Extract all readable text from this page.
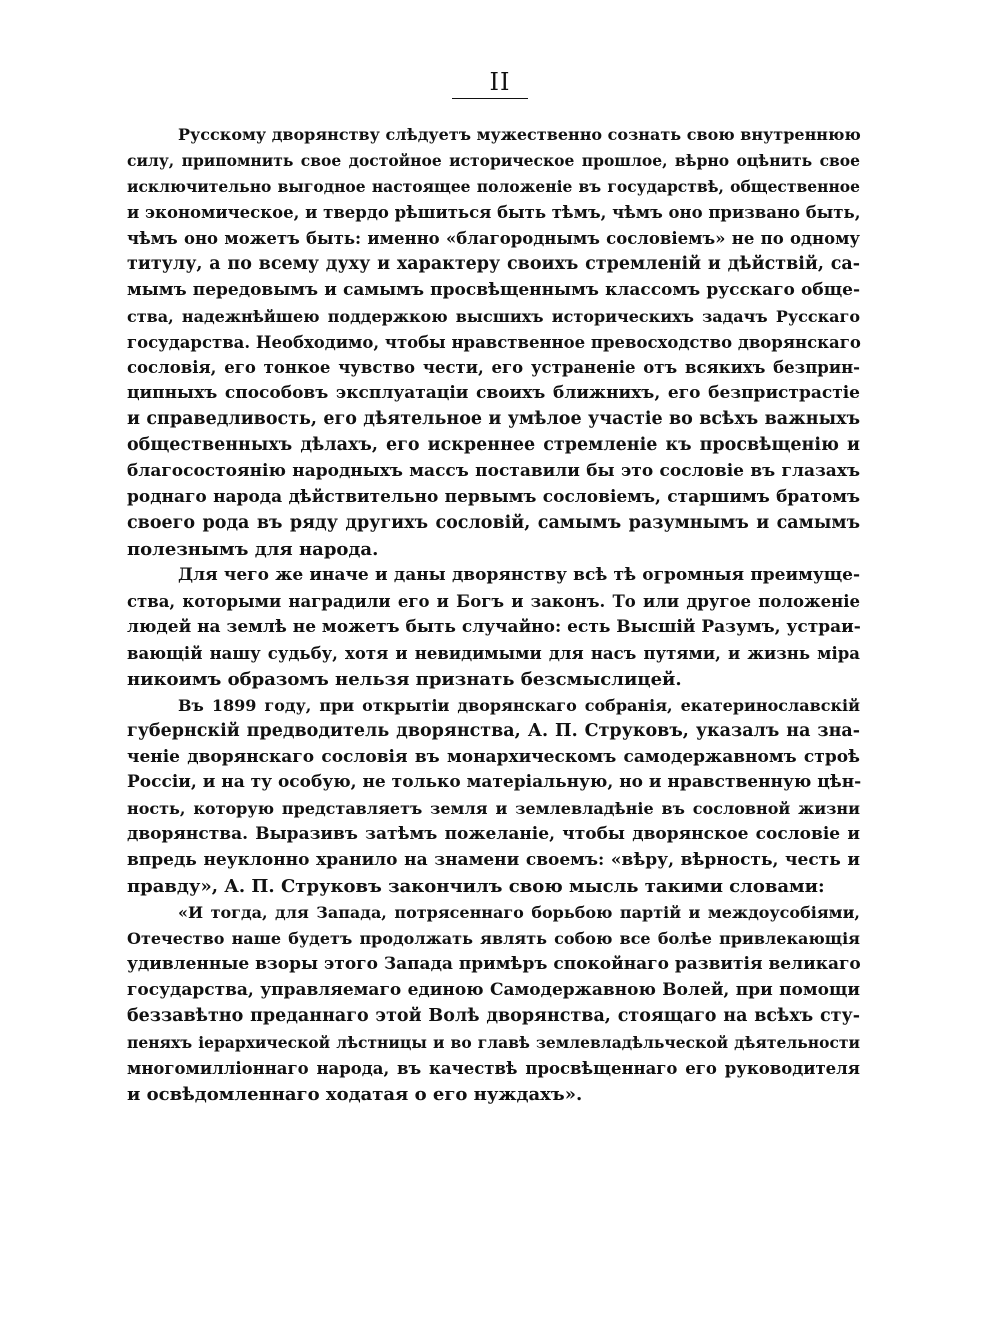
II
Русскому дворянству слѣдуетъ мужественно сознать свою внутреннюю
силу, припомнить свое достойное историческое прошлое, вѣрно оцѣнить свое
исключительно выгодное настоящее положенiе въ государствѣ, общественное
и экономическое, и твердо рѣшиться быть тѣмъ, чѣмъ оно призвано быть,
чѣмъ оно можетъ быть: именно «благороднымъ сословiемъ» не по одному
титулу, а по всему духу и характеру своихъ стремленiй и дѣйствiй, са-
мымъ передовымъ и самымъ просвѣщеннымъ классомъ русскаго обще-
ства, надежнѣйшею поддержкою высшихъ историческихъ задачъ Русскаго
государства. Необходимо, чтобы нравственное превосходство дворянскаго
сословiя, его тонкое чувство чести, его устраненiе отъ всякихъ безприн-
ципныхъ способовъ эксплуатацiи своихъ ближнихъ, его безпристрастiе
и справедливость, его дѣятельное и умѣлое участiе во всѣхъ важныхъ
общественныхъ дѣлахъ, его искреннее стремленiе къ просвѣщенiю и
благосостоянiю народныхъ массъ поставили бы это сословiе въ глазахъ
роднаго народа дѣйствительно первымъ сословiемъ, старшимъ братомъ
своего рода въ ряду другихъ сословiй, самымъ разумнымъ и самымъ
полезнымъ для народа.
Для чего же иначе и даны дворянству всѣ тѣ огромныя преимуще-
ства, которыми наградили его и Богъ и законъ. То или другое положенiе
людей на землѣ не можетъ быть случайно: есть Высшiй Разумъ, устраи-
вающiй нашу судьбу, хотя и невидимыми для насъ путями, и жизнь мiра
никоимъ образомъ нельзя признать безсмыслицей.
Въ 1899 году, при открытiи дворянскаго собранiя, екатеринославскiй
губернскiй предводитель дворянства, А. П. Струковъ, указалъ на зна-
ченiе дворянскаго сословiя въ монархическомъ самодержавномъ строѣ
Россiи, и на ту особую, не только матерiальную, но и нравственную цѣн-
ность, которую представляетъ земля и землевладѣнiе въ сословной жизни
дворянства. Выразивъ затѣмъ пожеланiе, чтобы дворянское сословiе и
впредь неуклонно хранило на знамени своемъ: «вѣру, вѣрность, честь и
правду», А. П. Струковъ закончилъ свою мысль такими словами:
«И тогда, для Запада, потрясеннаго борьбою партiй и междоусобiями,
Отечество наше будетъ продолжать являть собою все болѣе привлекающiя
удивленные взоры этого Запада примѣръ спокойнаго развитiя великаго
государства, управляемаго единою Самодержавною Волей, при помощи
беззавѣтно преданнаго этой Волѣ дворянства, стоящаго на всѣхъ сту-
пеняхъ iерархической лѣстницы и во главѣ землевладѣльческой дѣятельности
многомиллiоннаго народа, въ качествѣ просвѣщеннаго его руководителя
и освѣдомленнаго ходатая о его нуждахъ».
